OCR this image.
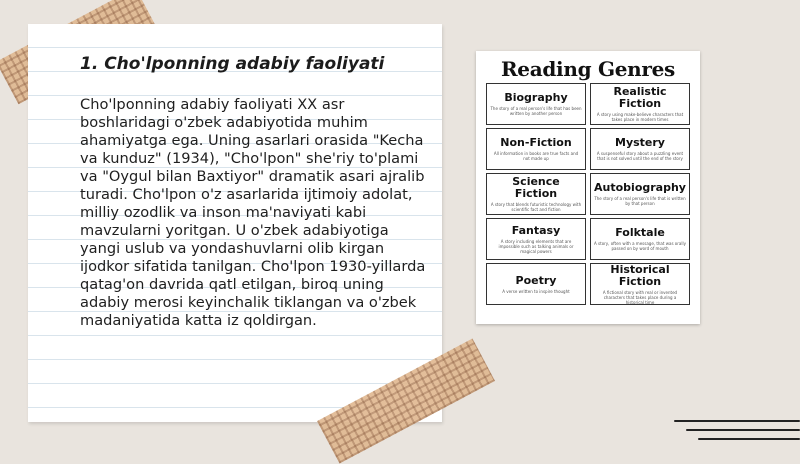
1. Cho'lponning adabiy faoliyati

Cho'lponning adabiy faoliyati XX asr boshlaridagi o'zbek adabiyotida muhim ahamiyatga ega. Uning asarlari orasida "Kecha va kunduz" (1934), "Cho'lpon" she'riy to'plami va "Oygul bilan Baxtiyor" dramatik asari ajralib turadi. Cho'lpon o'z asarlarida ijtimoiy adolat, milliy ozodlik va inson ma'naviyati kabi mavzularni yoritgan. U o'zbek adabiyotiga yangi uslub va yondashuvlarni olib kirgan ijodkor sifatida tanilgan. Cho'lpon 1930-yillarda qatag'on davrida qatl etilgan, biroq uning adabiy merosi keyinchalik tiklangan va o'zbek madaniyatida katta iz qoldirgan.

Reading Genres
Biography
The story of a real person's life that has been written by another person
Realistic Fiction
A story using make-believe characters that takes place in modern times
Non-Fiction
All information in books are true facts and not made up
Mystery
A suspenseful story about a puzzling event that is not solved until the end of the story
Science Fiction
A story that blends futuristic technology with scientific fact and fiction
Autobiography
The story of a real person's life that is written by that person
Fantasy
A story including elements that are impossible such as talking animals or magical powers
Folktale
A story, often with a message, that was orally passed on by word of mouth
Poetry
A verse written to inspire thought
Historical Fiction
A fictional story with real or invented characters that takes place during a historical time
